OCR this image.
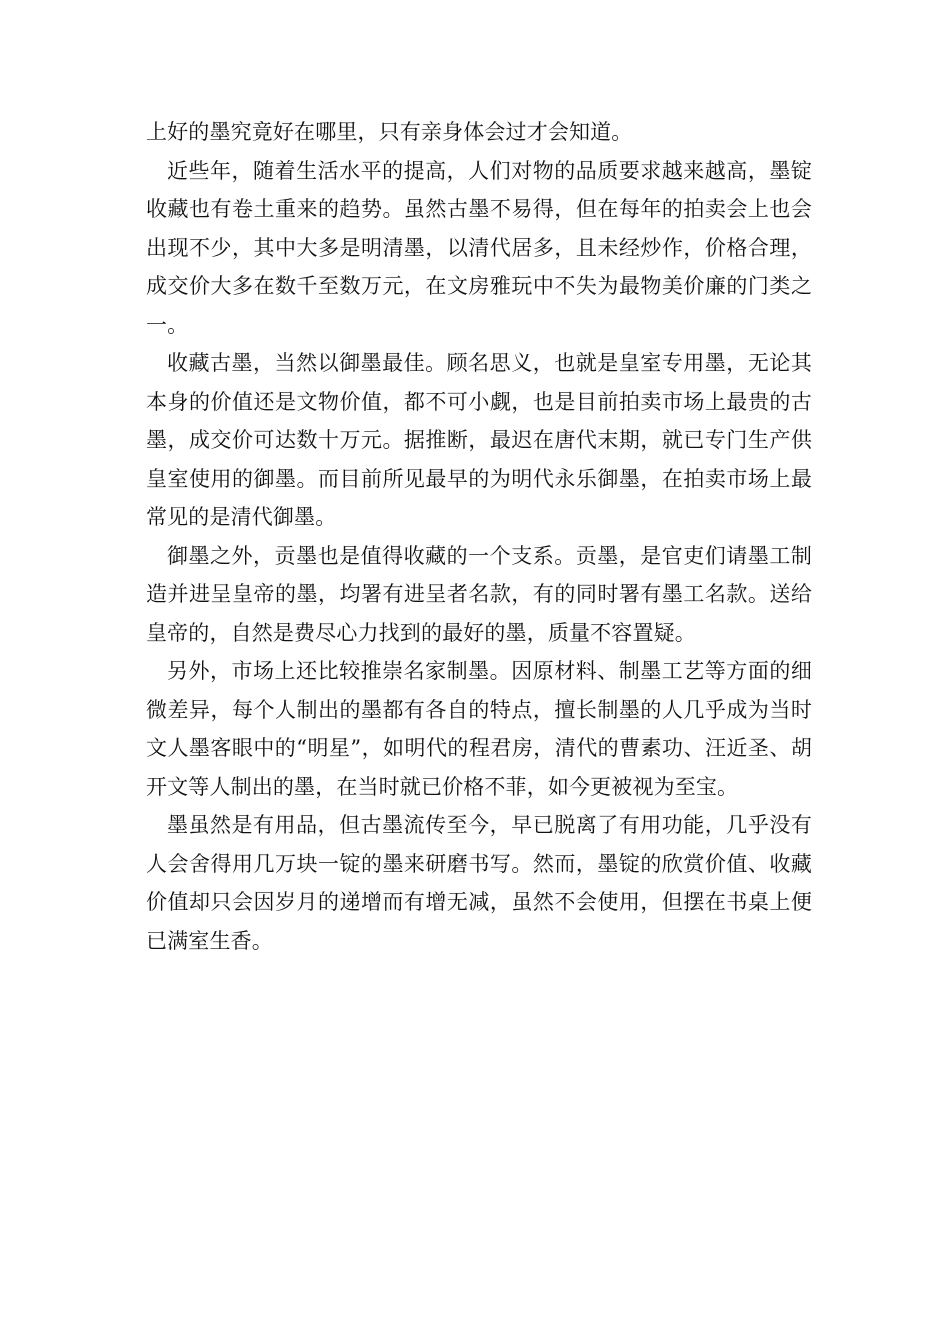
上好的墨究竟好在哪里，只有亲身体会过才会知道。

近些年，随着生活水平的提高，人们对物的品质要求越来越高，墨锭收藏也有卷土重来的趋势。虽然古墨不易得，但在每年的拍卖会上也会出现不少，其中大多是明清墨，以清代居多，且未经炒作，价格合理，成交价大多在数千至数万元，在文房雅玩中不失为最物美价廉的门类之一。

收藏古墨，当然以御墨最佳。顾名思义，也就是皇室专用墨，无论其本身的价值还是文物价值，都不可小觑，也是目前拍卖市场上最贵的古墨，成交价可达数十万元。据推断，最迟在唐代末期，就已专门生产供皇室使用的御墨。而目前所见最早的为明代永乐御墨，在拍卖市场上最常见的是清代御墨。

御墨之外，贡墨也是值得收藏的一个支系。贡墨，是官吏们请墨工制造并进呈皇帝的墨，均署有进呈者名款，有的同时署有墨工名款。送给皇帝的，自然是费尽心力找到的最好的墨，质量不容置疑。

另外，市场上还比较推崇名家制墨。因原材料、制墨工艺等方面的细微差异，每个人制出的墨都有各自的特点，擅长制墨的人几乎成为当时文人墨客眼中的“明星”，如明代的程君房，清代的曹素功、汪近圣、胡开文等人制出的墨，在当时就已价格不菲，如今更被视为至宝。

墨虽然是有用品，但古墨流传至今，早已脱离了有用功能，几乎没有人会舍得用几万块一锭的墨来研磨书写。然而，墨锭的欣赏价值、收藏价值却只会因岁月的递增而有增无减，虽然不会使用，但摆在书桌上便已满室生香。
